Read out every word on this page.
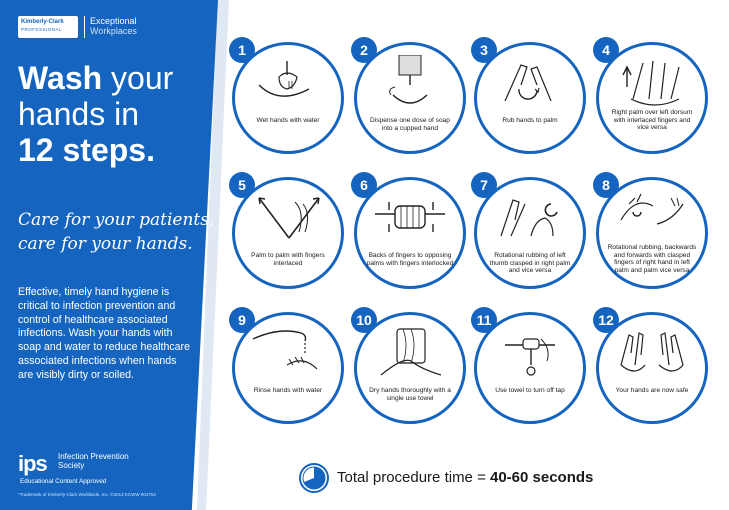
Kimberly-Clark
PROFESSIONAL
Exceptional
Workplaces
Wash your
hands in
12 steps.
Care for your patients,
care for your hands.
Effective, timely hand hygiene is critical to infection prevention and control of healthcare associated infections. Wash your hands with soap and water to reduce healthcare associated infections when hands are visibly dirty or soiled.
ips Infection Prevention
Society
Educational Content Approved
*Trademark of Kimberly-Clark Worldwide, Inc. ©2013 KCWW 904752
1
Wet hands with water
2
Dispense one dose of soap into a cupped hand
3
Rub hands to palm
4
Right palm over left dorsum with interlaced fingers and vice versa
5
Palm to palm with fingers interlaced
6
Backs of fingers to opposing palms with fingers interlocked
7
Rotational rubbing of left thumb clasped in right palm and vice versa
8
Rotational rubbing, backwards and forwards with clasped fingers of right hand in left palm and palm vice versa
9
Rinse hands with water
10
Dry hands thoroughly with a single use towel
11
Use towel to turn off tap
12
Your hands are now safe
Total procedure time = 40-60 seconds
